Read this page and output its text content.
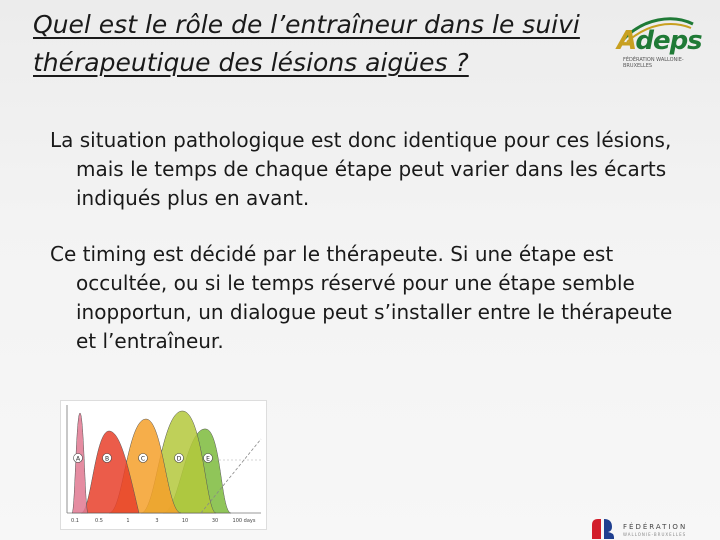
Quel est le rôle de l’entraîneur dans le suivi thérapeutique des lésions aigües ?
Adeps
FÉDÉRATION WALLONIE-BRUXELLES

La situation pathologique est donc identique pour ces lésions, mais le temps de chaque étape peut varier dans les écarts indiqués plus en avant.

Ce timing est décidé par le thérapeute. Si une étape est occultée, ou si le temps réservé pour une étape semble inopportun, un dialogue peut s’installer entre le thérapeute et l’entraîneur.

A	B	C	D	E
0.1	0.5	1	3	10	30	100 days
FÉDÉRATION
WALLONIE-BRUXELLES
